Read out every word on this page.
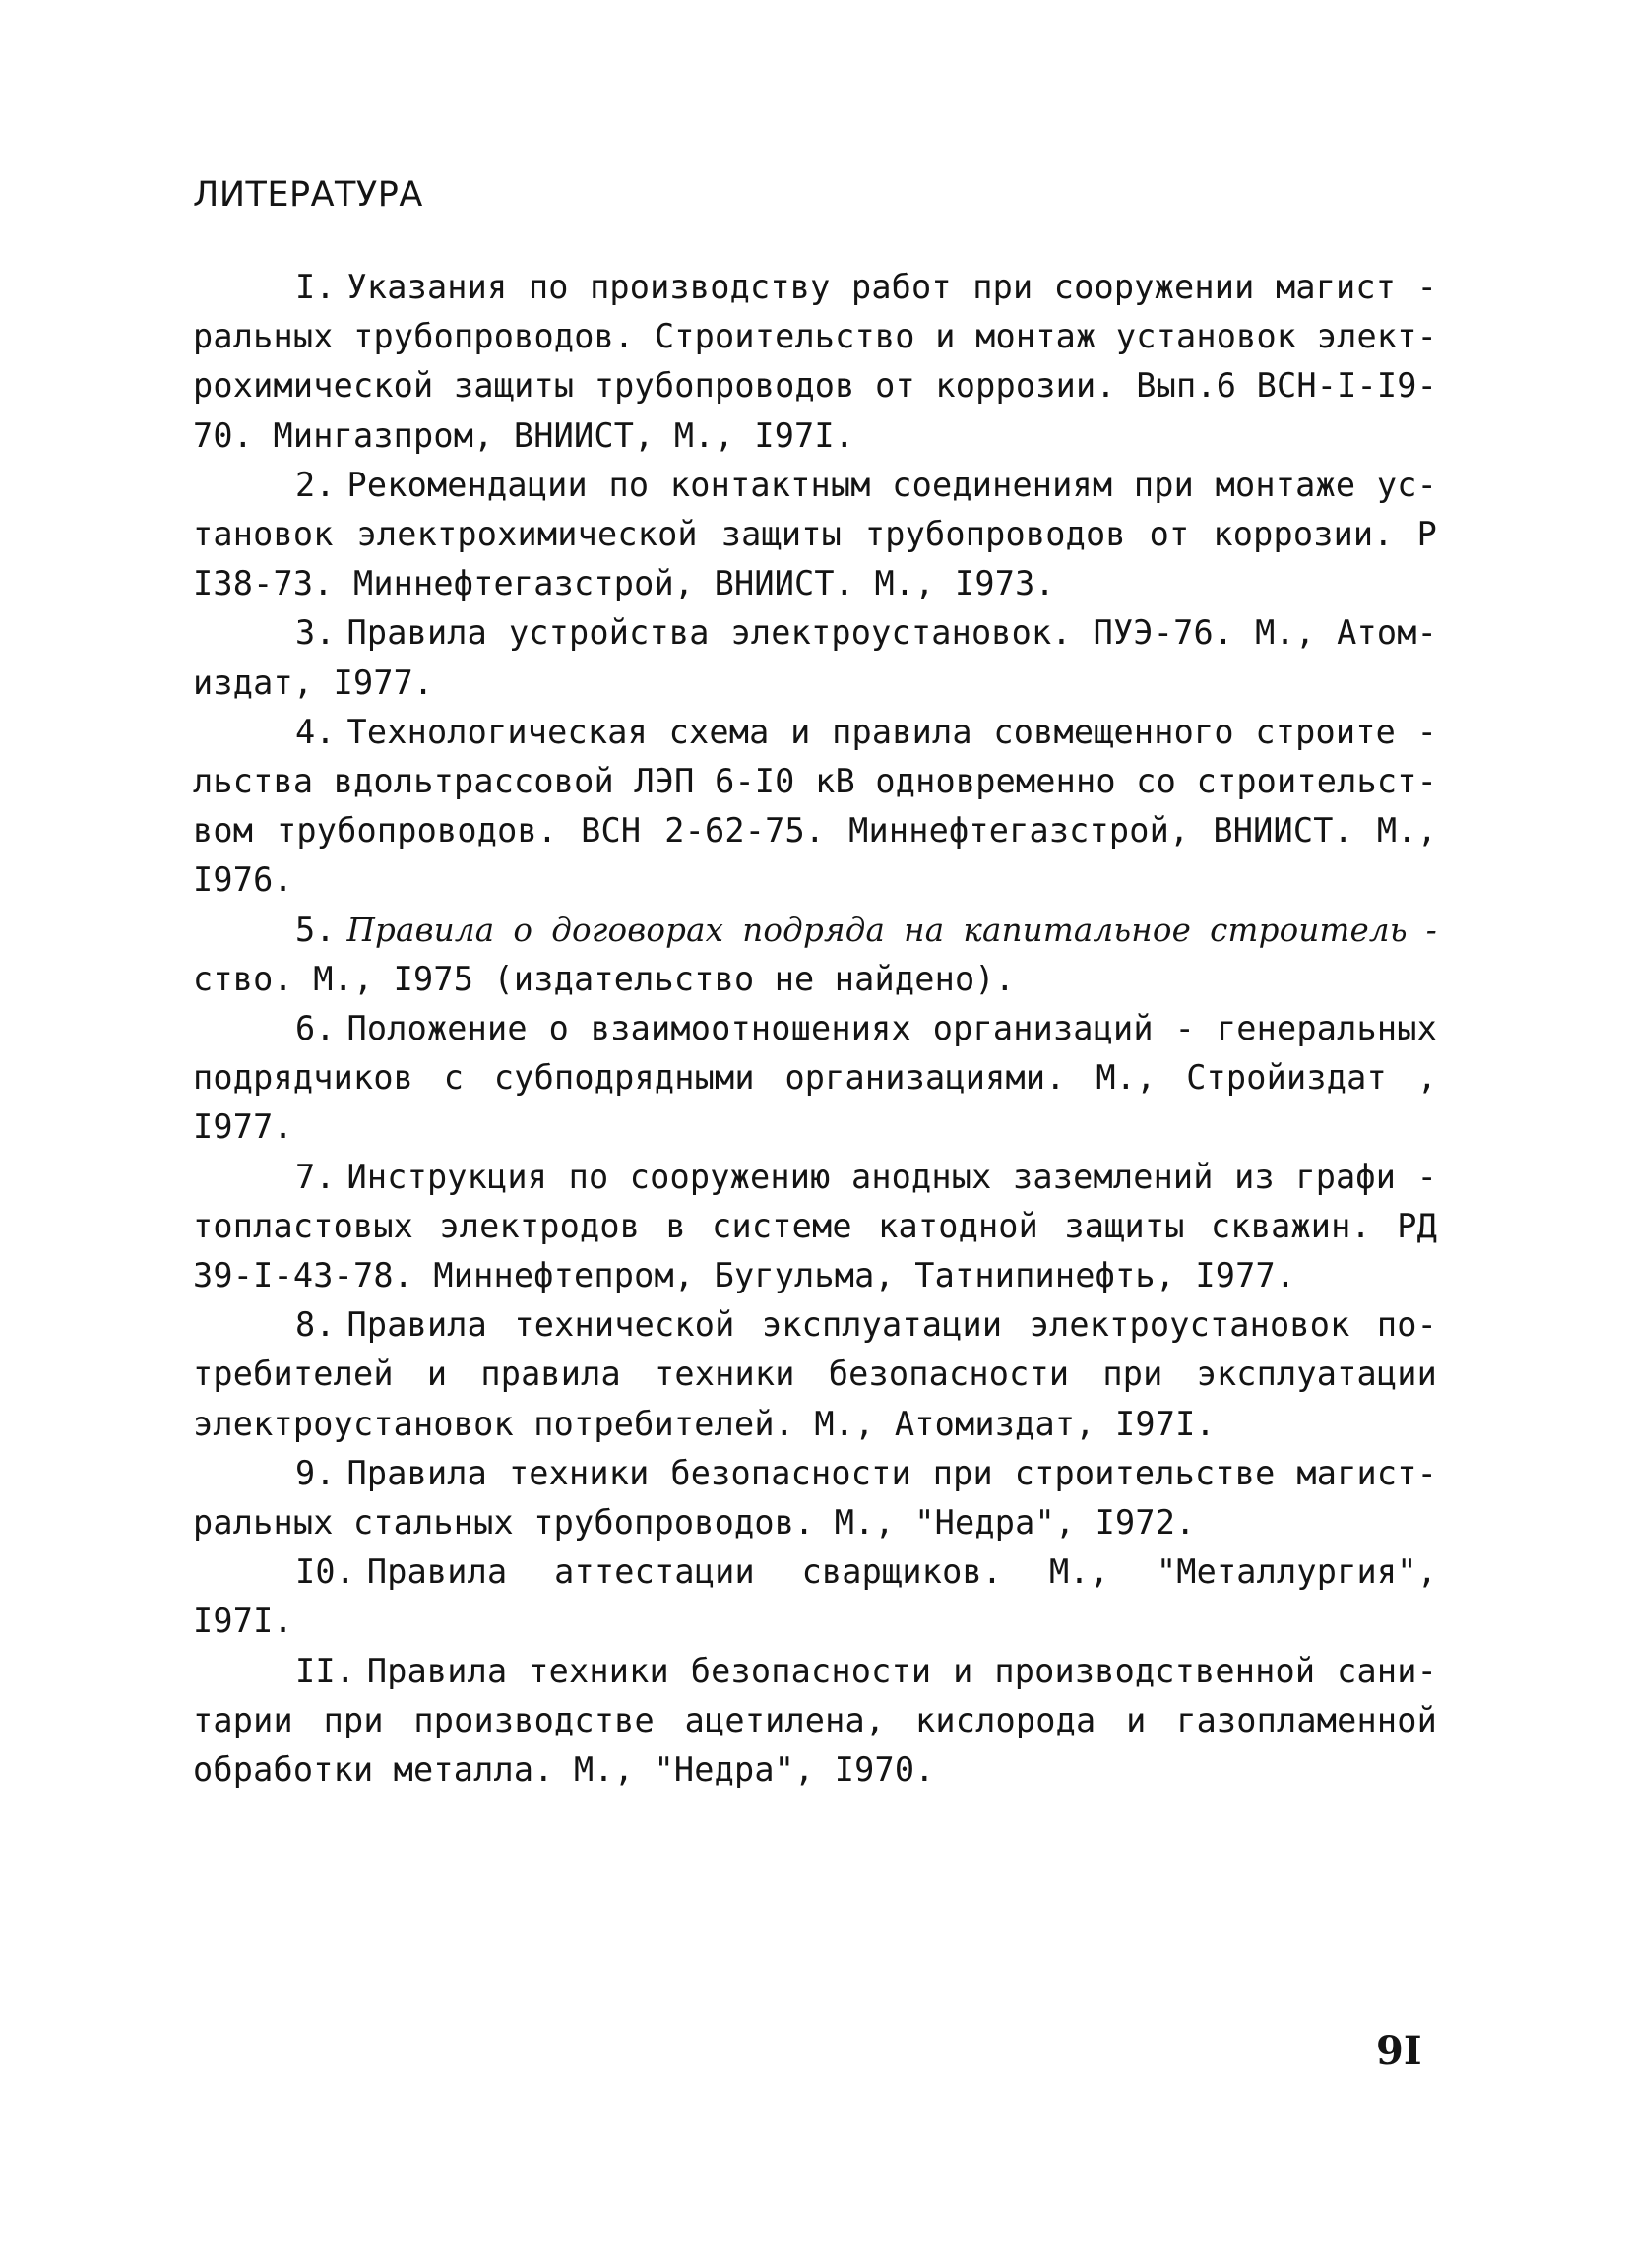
ЛИТЕРАТУРА

I. Указания по производству работ при сооружении магист - ральных трубопроводов. Строительство и монтаж установок элект-рохимической защиты трубопроводов от коррозии. Вып.6 ВСН-I-I9-70. Мингазпром, ВНИИСТ, М., I97I.

2. Рекомендации по контактным соединениям при монтаже ус-тановок электрохимической защиты трубопроводов от коррозии. Р I38-73. Миннефтегазстрой, ВНИИСТ. М., I973.

3. Правила устройства электроустановок. ПУЭ-76. М., Атом-издат, I977.

4. Технологическая схема и правила совмещенного строите - льства вдольтрассовой ЛЭП 6-I0 кВ одновременно со строительст-вом трубопроводов. ВСН 2-62-75. Миннефтегазстрой, ВНИИСТ. М., I976.

5. Правила о договорах подряда на капитальное строитель - ство. М., I975 (издательство не найдено).

6. Положение о взаимоотношениях организаций - генеральных подрядчиков с субподрядными организациями. М., Стройиздат , I977.

7. Инструкция по сооружению анодных заземлений из графи - топластовых электродов в системе катодной защиты скважин. РД 39-I-43-78. Миннефтепром, Бугульма, Татнипинефть, I977.

8. Правила технической эксплуатации электроустановок по-требителей и правила техники безопасности при эксплуатации электроустановок потребителей. М., Атомиздат, I97I.

9. Правила техники безопасности при строительстве магист-ральных стальных трубопроводов. М., "Недра", I972.

I0. Правила аттестации сварщиков. М., "Металлургия", I97I.

II. Правила техники безопасности и производственной сани-тарии при производстве ацетилена, кислорода и газопламенной обработки металла. М., "Недра", I970.

9I
